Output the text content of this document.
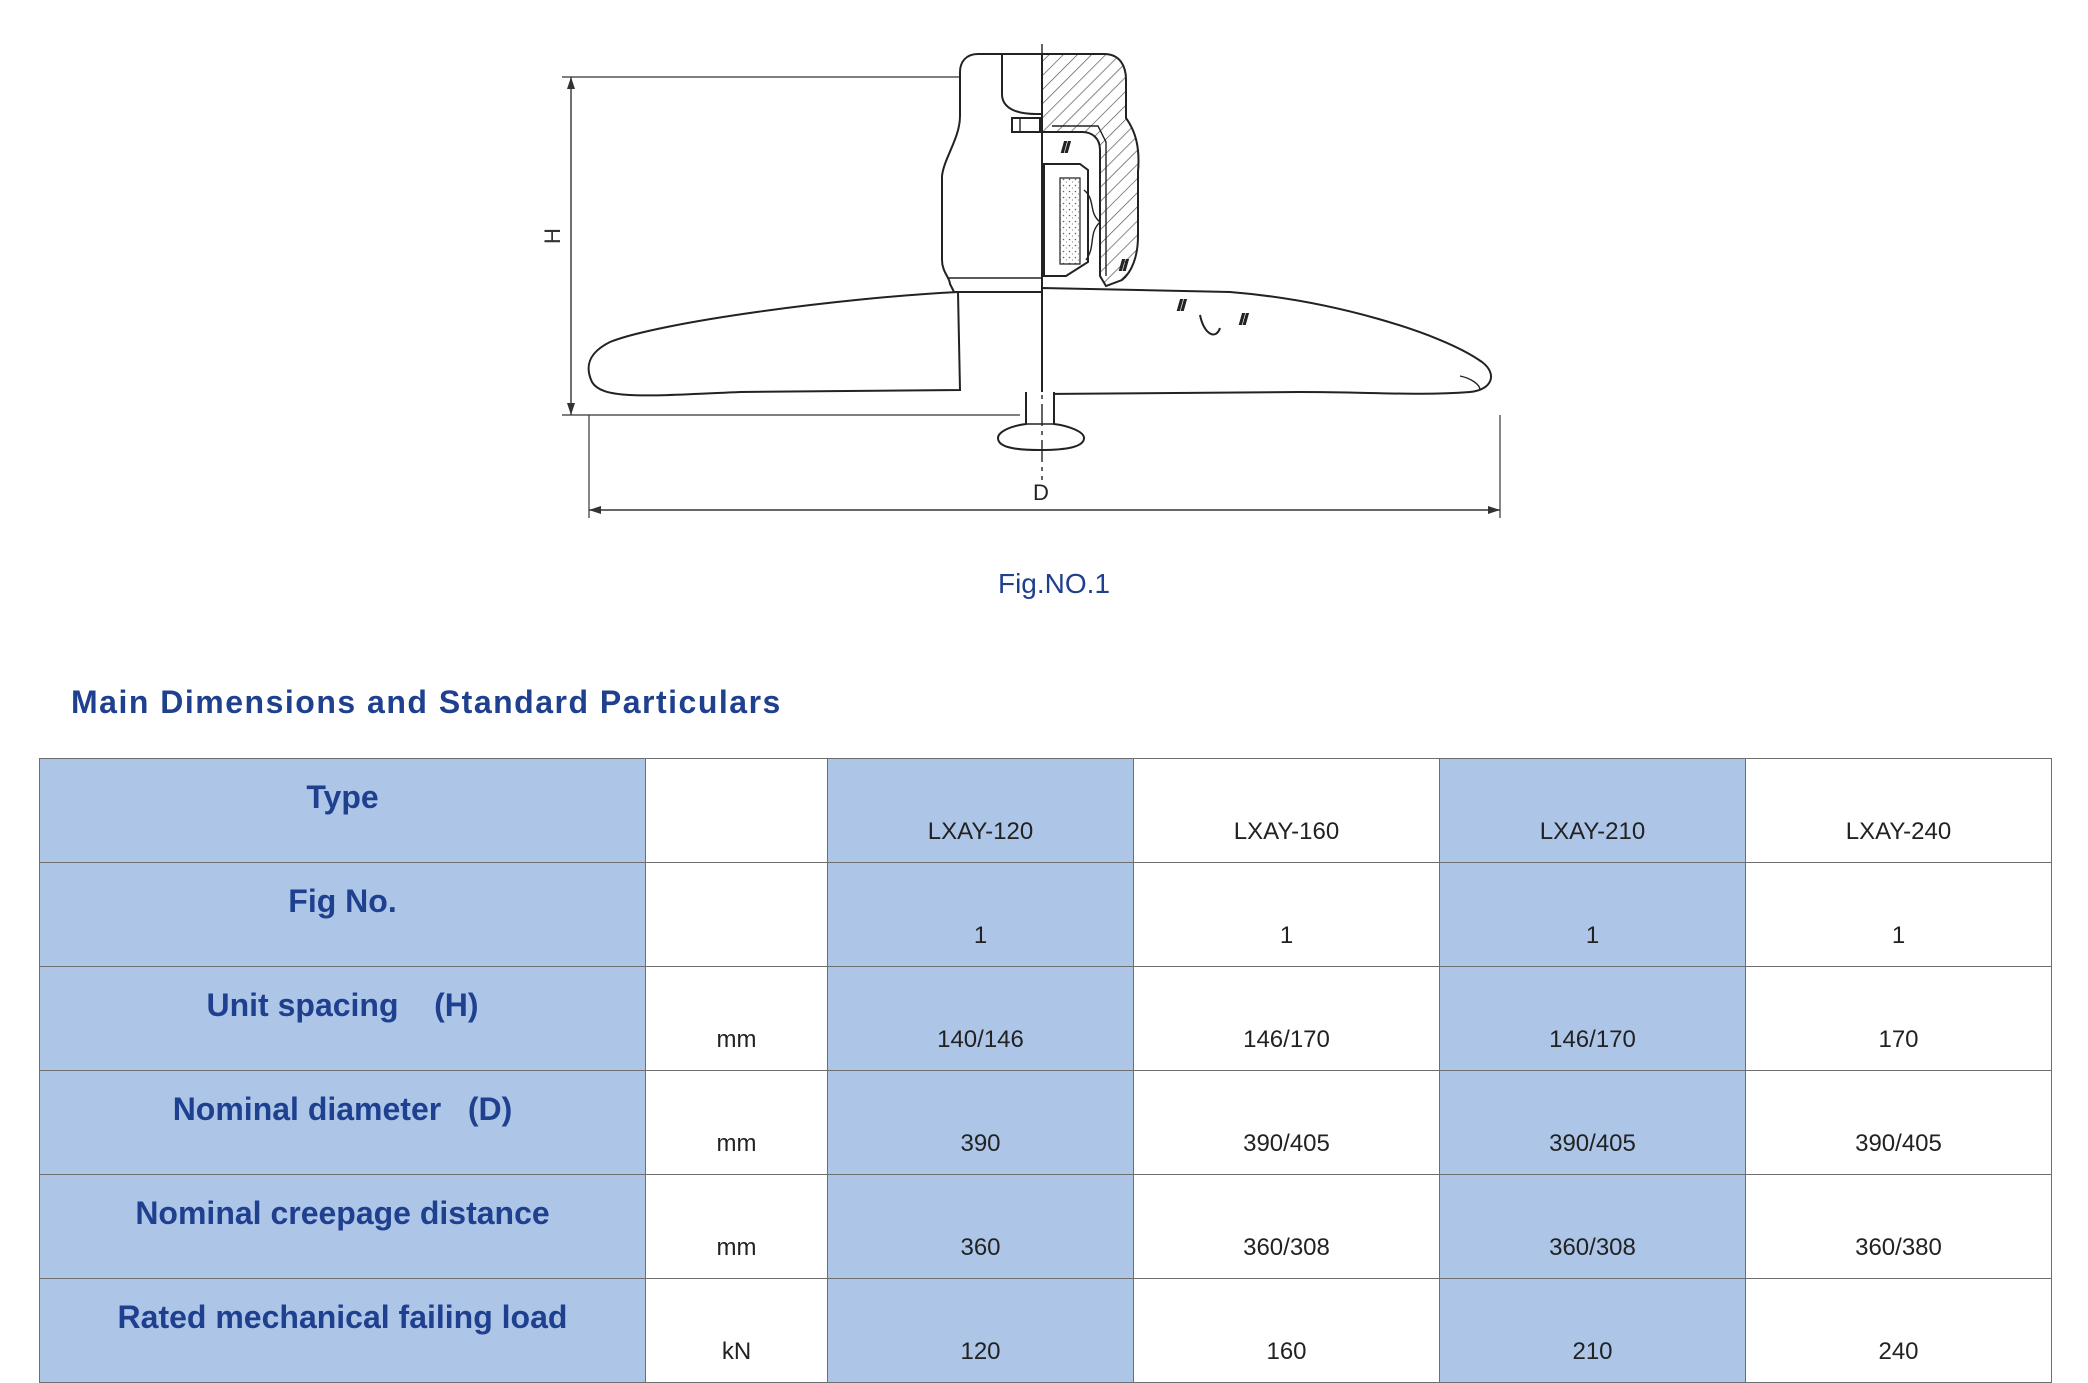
H
D
//
//
//
//
Fig.NO.1
Main Dimensions and Standard Particulars
Type		LXAY-120	LXAY-160	LXAY-210	LXAY-240
Fig No.		1	1	1	1
Unit spacing    (H)	mm	140/146	146/170	146/170	170
Nominal diameter   (D)	mm	390	390/405	390/405	390/405
Nominal creepage distance	mm	360	360/308	360/308	360/380
Rated mechanical failing load	kN	120	160	210	240
